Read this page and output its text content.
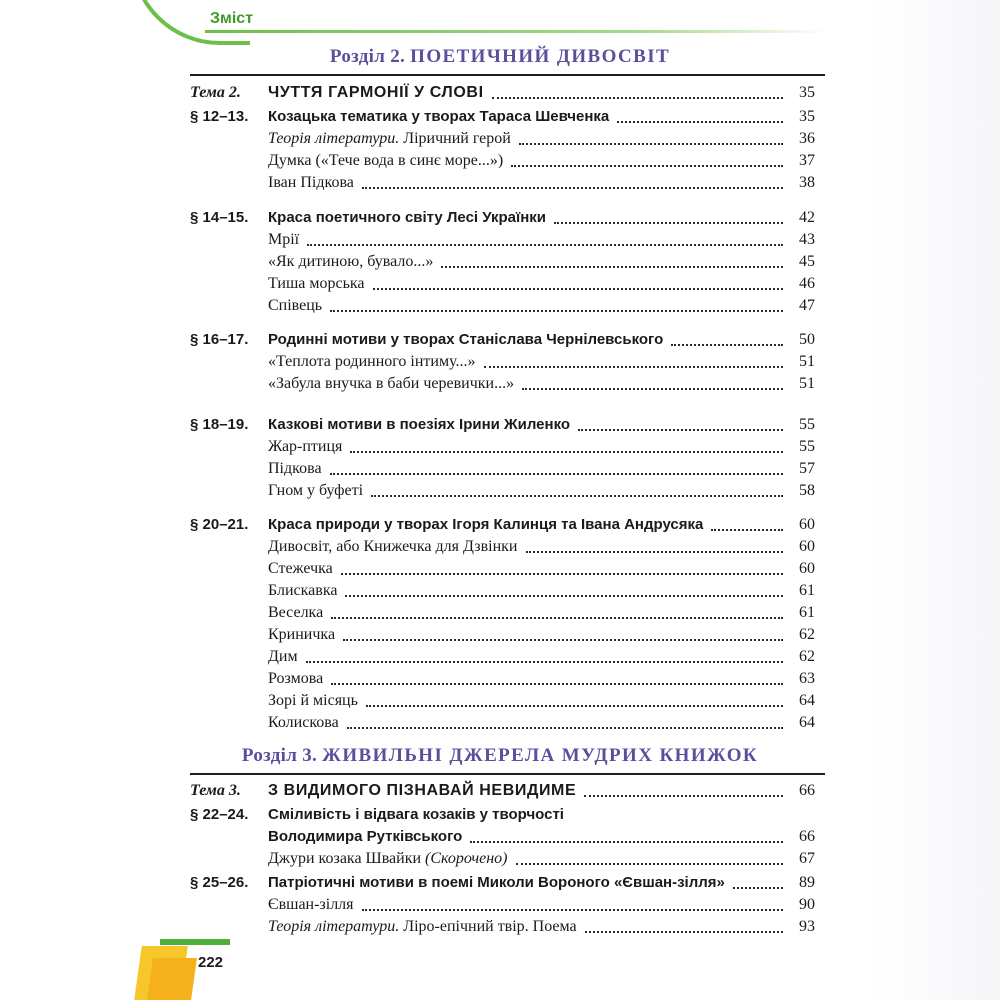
Зміст
Розділ 2. ПОЕТИЧНИЙ ДИВОСВІТ
Тема 2.	ЧУТТЯ ГАРМОНІЇ У СЛОВІ	35
§ 12–13.	Козацька тематика у творах Тараса Шевченка	35
Теорія літератури. Ліричний герой	36
Думка («Тече вода в синє море...»)	37
Іван Підкова	38
§ 14–15.	Краса поетичного світу Лесі Українки	42
Мрії	43
«Як дитиною, бувало...»	45
Тиша морська	46
Співець	47
§ 16–17.	Родинні мотиви у творах Станіслава Чернілевського	50
«Теплота родинного інтиму...»	51
«Забула внучка в баби черевички...»	51
§ 18–19.	Казкові мотиви в поезіях Ірини Жиленко	55
Жар-птиця	55
Підкова	57
Гном у буфеті	58
§ 20–21.	Краса природи у творах Ігоря Калинця та Івана Андрусяка	60
Дивосвіт, або Книжечка для Дзвінки	60
Стежечка	60
Блискавка	61
Веселка	61
Криничка	62
Дим	62
Розмова	63
Зорі й місяць	64
Колискова	64
Розділ 3. ЖИВИЛЬНІ ДЖЕРЕЛА МУДРИХ КНИЖОК
Тема 3.	З ВИДИМОГО ПІЗНАВАЙ НЕВИДИМЕ	66
§ 22–24.	Сміливість і відвага козаків у творчості
Володимира Рутківського	66
Джури козака Швайки (Скорочено)	67
§ 25–26.	Патріотичні мотиви в поемі Миколи Вороного «Євшан-зілля»	89
Євшан-зілля	90
Теорія літератури. Ліро-епічний твір. Поема	93
222
